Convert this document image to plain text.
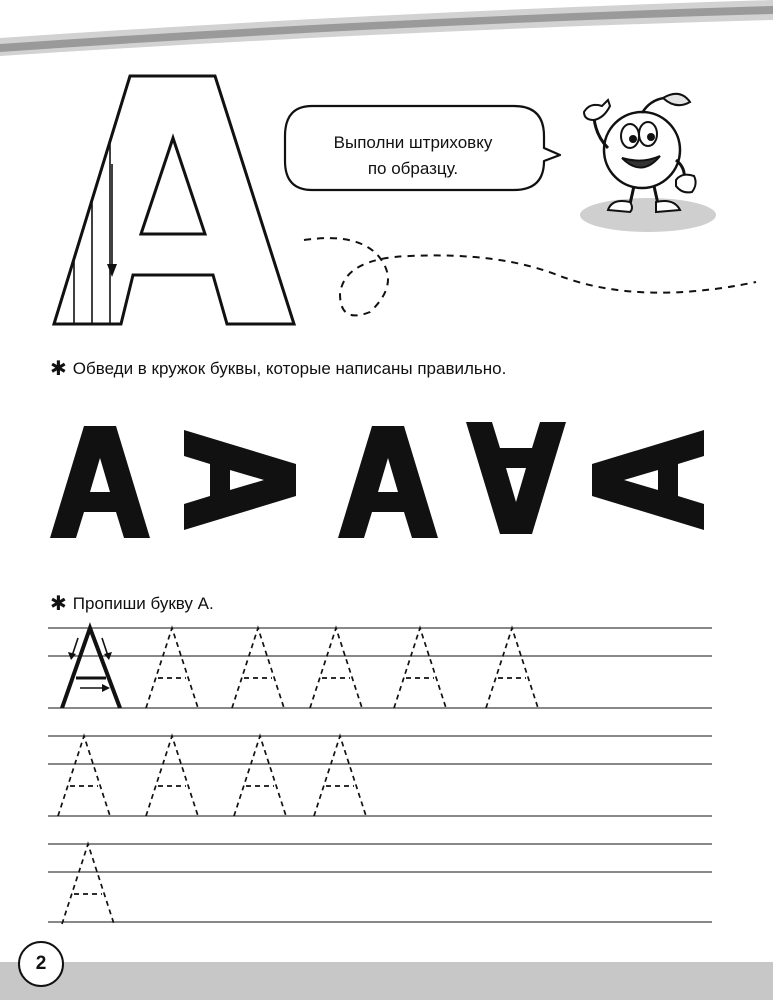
Выполни штриховку
по образцу.
✱ Обведи в кружок буквы, которые написаны правильно.
✱ Пропиши букву А.
2
